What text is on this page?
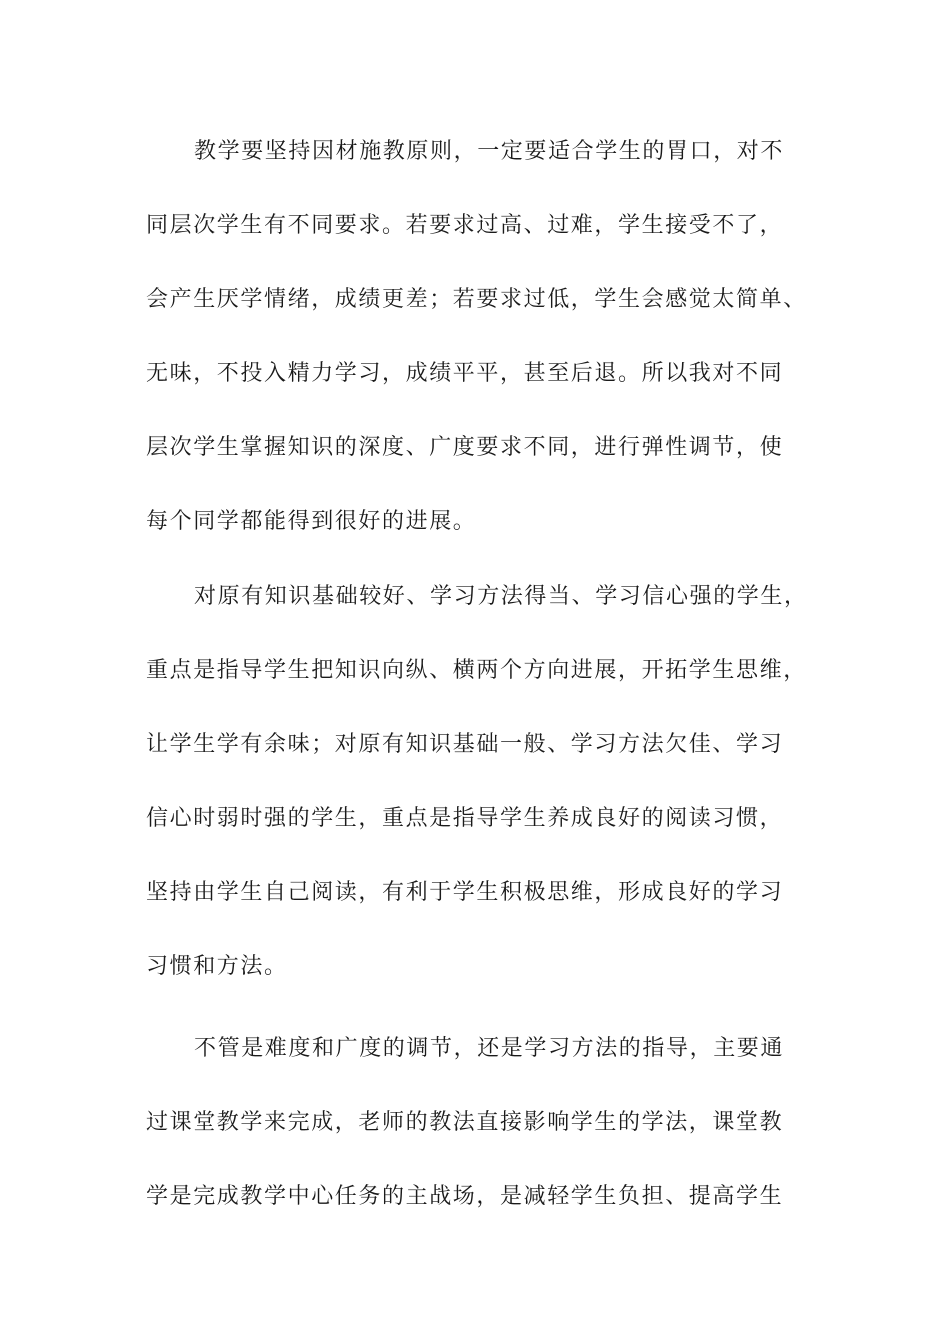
教学要坚持因材施教原则，一定要适合学生的胃口，对不
同层次学生有不同要求。若要求过高、过难，学生接受不了，
会产生厌学情绪，成绩更差；若要求过低，学生会感觉太简单、
无味，不投入精力学习，成绩平平，甚至后退。所以我对不同
层次学生掌握知识的深度、广度要求不同，进行弹性调节，使
每个同学都能得到很好的进展。
对原有知识基础较好、学习方法得当、学习信心强的学生，
重点是指导学生把知识向纵、横两个方向进展，开拓学生思维，
让学生学有余味；对原有知识基础一般、学习方法欠佳、学习
信心时弱时强的学生，重点是指导学生养成良好的阅读习惯，
坚持由学生自己阅读，有利于学生积极思维，形成良好的学习
习惯和方法。
不管是难度和广度的调节，还是学习方法的指导，主要通
过课堂教学来完成，老师的教法直接影响学生的学法，课堂教
学是完成教学中心任务的主战场，是减轻学生负担、提高学生
